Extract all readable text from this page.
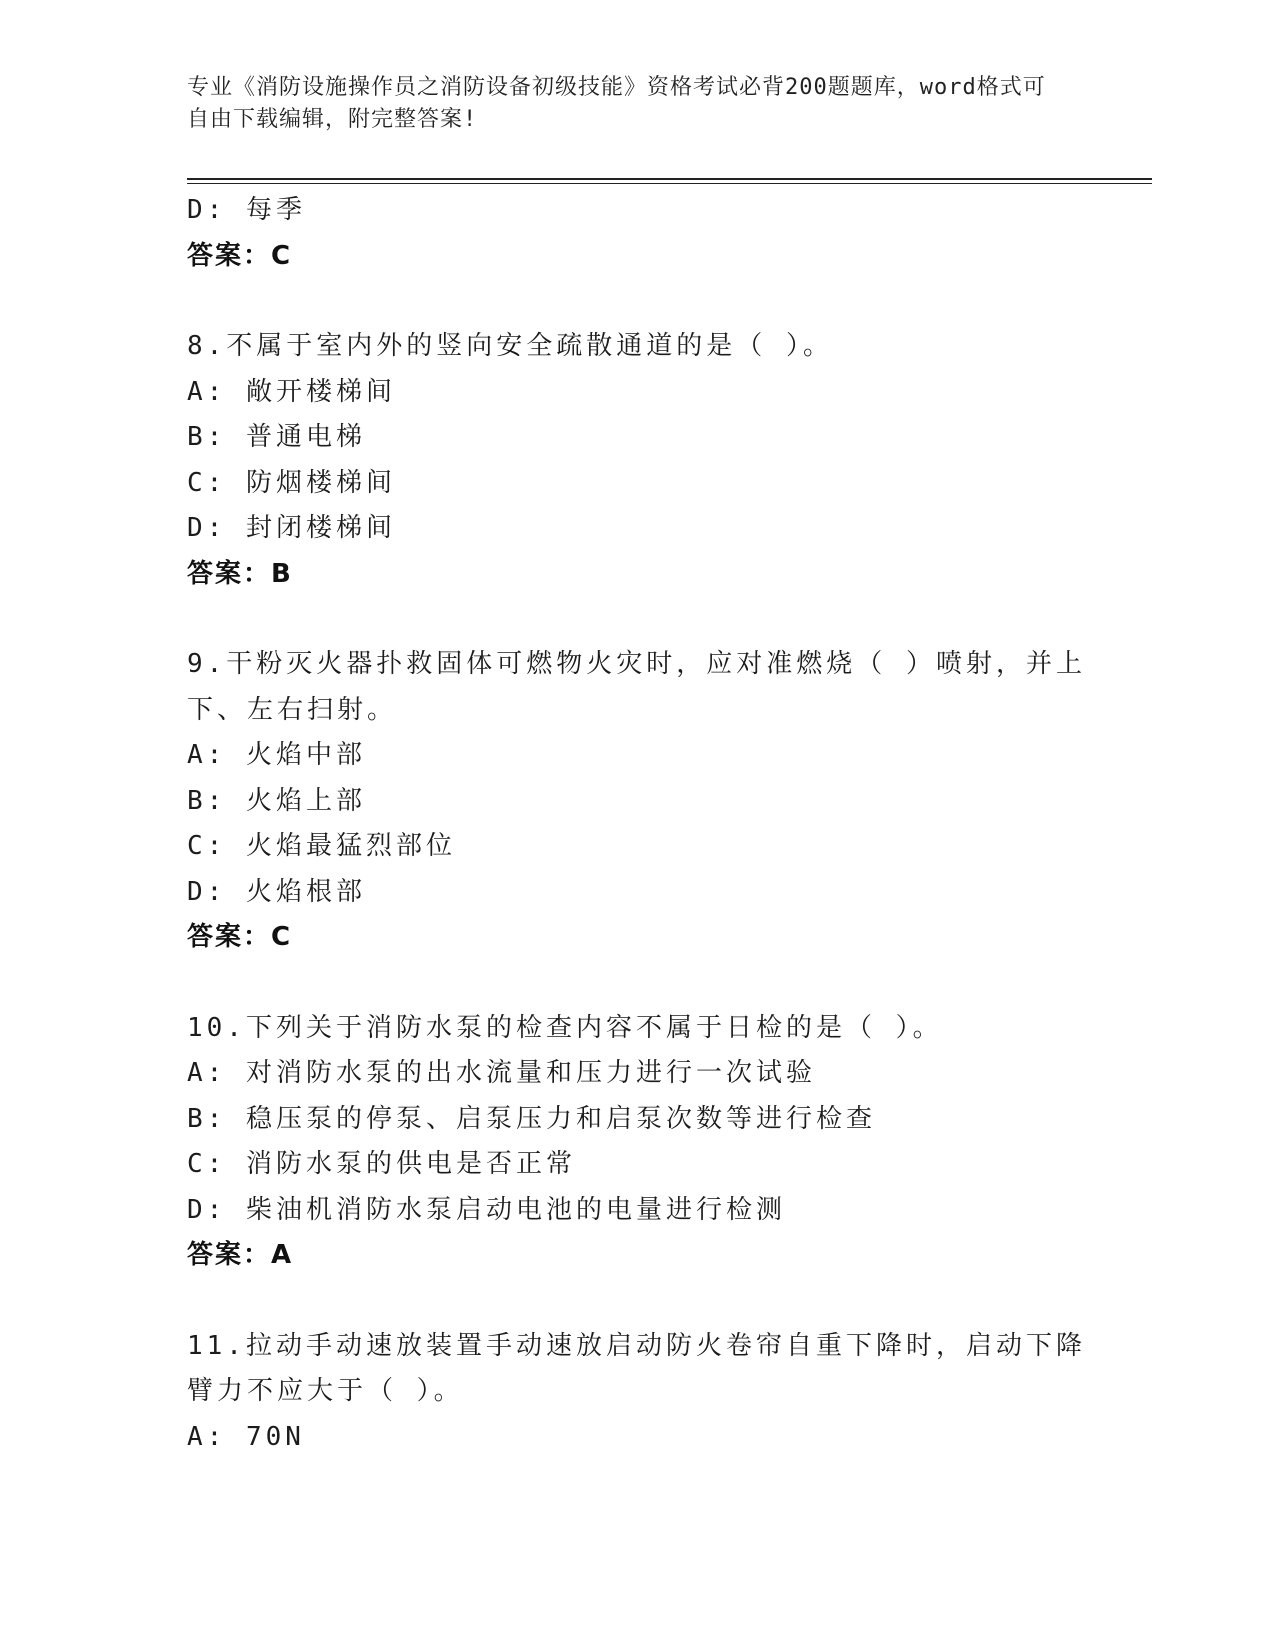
专业《消防设施操作员之消防设备初级技能》资格考试必背200题题库，word格式可自由下载编辑，附完整答案!
D: 每季
答案：C
8.不属于室内外的竖向安全疏散通道的是（ ）。
A: 敞开楼梯间
B: 普通电梯
C: 防烟楼梯间
D: 封闭楼梯间
答案：B
9.干粉灭火器扑救固体可燃物火灾时，应对准燃烧（ ）喷射，并上下、左右扫射。
A: 火焰中部
B: 火焰上部
C: 火焰最猛烈部位
D: 火焰根部
答案：C
10.下列关于消防水泵的检查内容不属于日检的是（ ）。
A: 对消防水泵的出水流量和压力进行一次试验
B: 稳压泵的停泵、启泵压力和启泵次数等进行检查
C: 消防水泵的供电是否正常
D: 柴油机消防水泵启动电池的电量进行检测
答案：A
11.拉动手动速放装置手动速放启动防火卷帘自重下降时，启动下降臂力不应大于（ ）。
A: 70N
